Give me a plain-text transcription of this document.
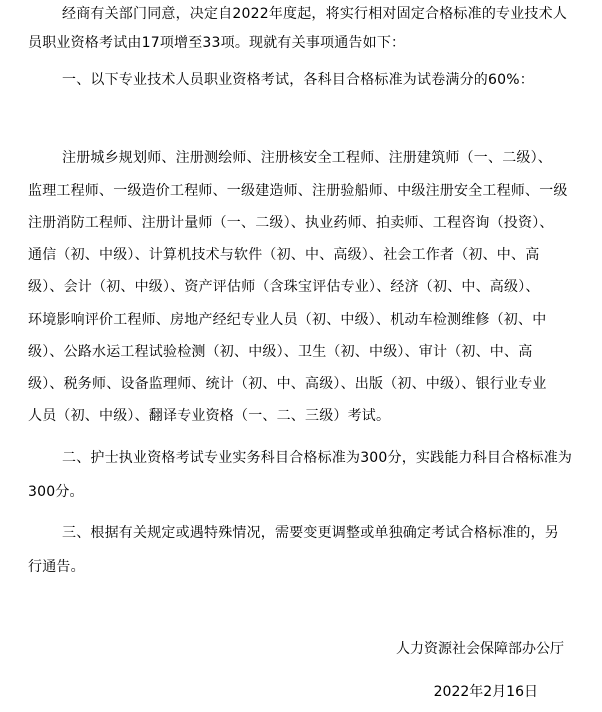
经商有关部门同意，决定自2022年度起，将实行相对固定合格标准的专业技术人
员职业资格考试由17项增至33项。现就有关事项通告如下：
一、以下专业技术人员职业资格考试，各科目合格标准为试卷满分的60%：
注册城乡规划师、注册测绘师、注册核安全工程师、注册建筑师（一、二级）、
监理工程师、一级造价工程师、一级建造师、注册验船师、中级注册安全工程师、一级
注册消防工程师、注册计量师（一、二级）、执业药师、拍卖师、工程咨询（投资）、
通信（初、中级）、计算机技术与软件（初、中、高级）、社会工作者（初、中、高
级）、会计（初、中级）、资产评估师（含珠宝评估专业）、经济（初、中、高级）、
环境影响评价工程师、房地产经纪专业人员（初、中级）、机动车检测维修（初、中
级）、公路水运工程试验检测（初、中级）、卫生（初、中级）、审计（初、中、高
级）、税务师、设备监理师、统计（初、中、高级）、出版（初、中级）、银行业专业
人员（初、中级）、翻译专业资格（一、二、三级）考试。
二、护士执业资格考试专业实务科目合格标准为300分，实践能力科目合格标准为
300分。
三、根据有关规定或遇特殊情况，需要变更调整或单独确定考试合格标准的，另
行通告。
人力资源社会保障部办公厅
2022年2月16日
